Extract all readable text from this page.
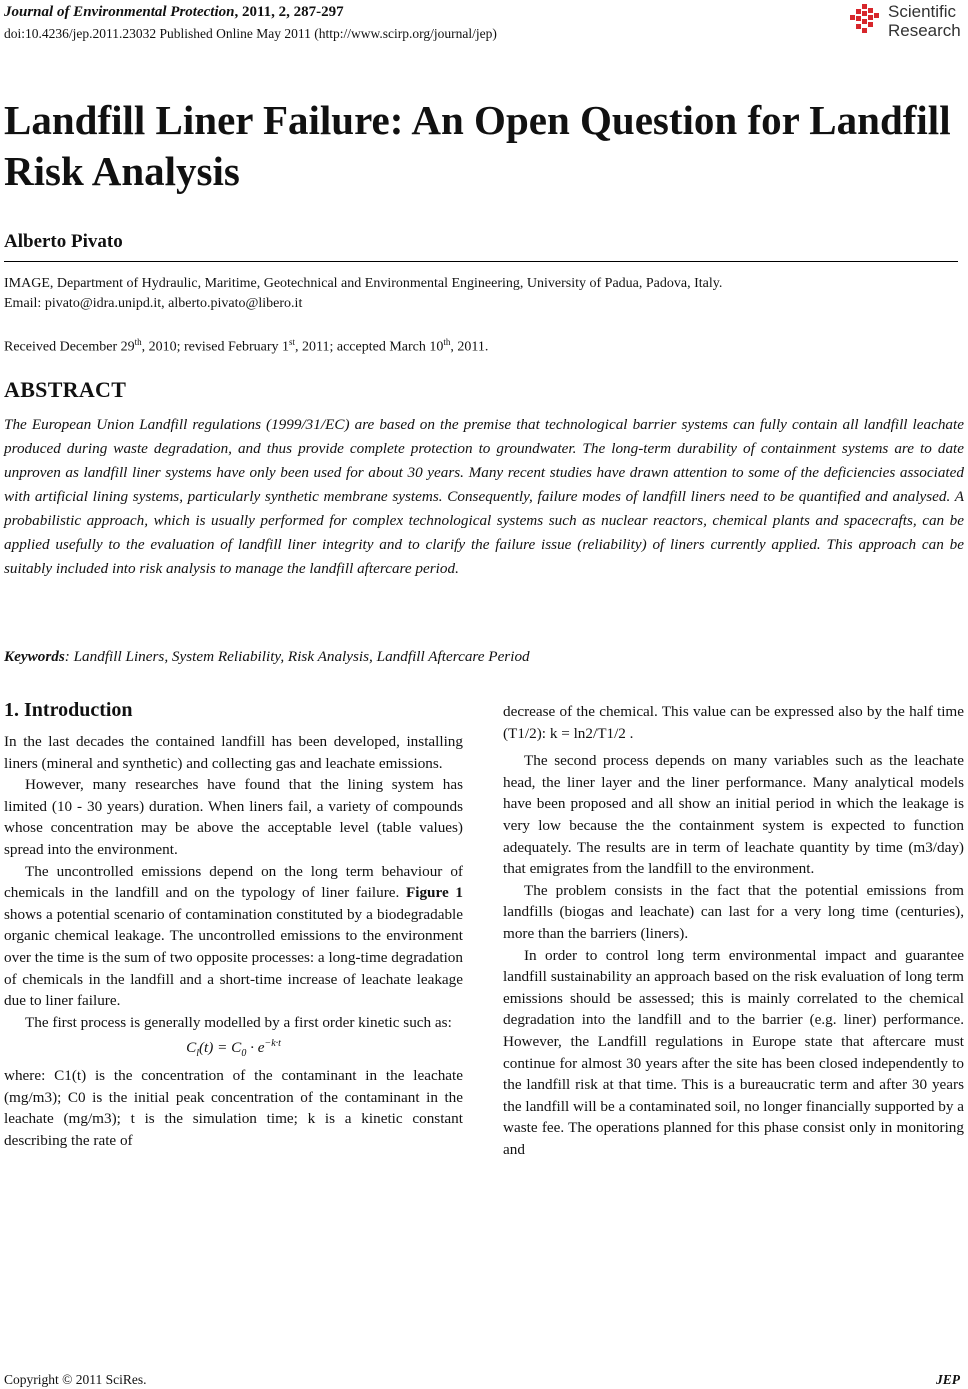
Journal of Environmental Protection, 2011, 2, 287-297
doi:10.4236/jep.2011.23032 Published Online May 2011 (http://www.scirp.org/journal/jep)
Scientific
Research
Landfill Liner Failure: An Open Question for Landfill Risk Analysis
Alberto Pivato
IMAGE, Department of Hydraulic, Maritime, Geotechnical and Environmental Engineering, University of Padua, Padova, Italy.
Email: pivato@idra.unipd.it, alberto.pivato@libero.it
Received December 29th, 2010; revised February 1st, 2011; accepted March 10th, 2011.
ABSTRACT
The European Union Landfill regulations (1999/31/EC) are based on the premise that technological barrier systems can fully contain all landfill leachate produced during waste degradation, and thus provide complete protection to groundwater. The long-term durability of containment systems are to date unproven as landfill liner systems have only been used for about 30 years. Many recent studies have drawn attention to some of the deficiencies associated with artificial lining systems, particularly synthetic membrane systems. Consequently, failure modes of landfill liners need to be quantified and analysed. A probabilistic approach, which is usually performed for complex technological systems such as nuclear reactors, chemical plants and spacecrafts, can be applied usefully to the evaluation of landfill liner integrity and to clarify the failure issue (reliability) of liners currently applied. This approach can be suitably included into risk analysis to manage the landfill aftercare period.
Keywords: Landfill Liners, System Reliability, Risk Analysis, Landfill Aftercare Period

1. Introduction

In the last decades the contained landfill has been developed, installing liners (mineral and synthetic) and collecting gas and leachate emissions.

However, many researches have found that the lining system has limited (10 - 30 years) duration. When liners fail, a variety of compounds whose concentration may be above the acceptable level (table values) spread into the environment.

The uncontrolled emissions depend on the long term behaviour of chemicals in the landfill and on the typology of liner failure. Figure 1 shows a potential scenario of contamination constituted by a biodegradable organic chemical leakage. The uncontrolled emissions to the environment over the time is the sum of two opposite processes: a long-time degradation of chemicals in the landfill and a short-time increase of leachate leakage due to liner failure.

The first process is generally modelled by a first order kinetic such as:

$C_l(t) = C_0 \cdot e^{-k\cdot t}$

where: C1(t) is the concentration of the contaminant in the leachate (mg/m3); C0 is the initial peak concentration of the contaminant in the leachate (mg/m3); t is the simulation time; k is a kinetic constant describing the rate of

decrease of the chemical. This value can be expressed also by the half time (T1/2): k = ln2/T1/2 .

The second process depends on many variables such as the leachate head, the liner layer and the liner performance. Many analytical models have been proposed and all show an initial period in which the leakage is very low because the the containment system is expected to function adequately. The results are in term of leachate quantity by time (m3/day) that emigrates from the landfill to the environment.

The problem consists in the fact that the potential emissions from landfills (biogas and leachate) can last for a very long time (centuries), more than the barriers (liners).

In order to control long term environmental impact and guarantee landfill sustainability an approach based on the risk evaluation of long term emissions should be assessed; this is mainly correlated to the chemical degradation into the landfill and to the barrier (e.g. liner) performance. However, the Landfill regulations in Europe state that aftercare must continue for almost 30 years after the site has been closed independently to the landfill risk at that time. This is a bureaucratic term and after 30 years the landfill will be a contaminated soil, no longer financially supported by a waste fee. The operations planned for this phase consist only in monitoring and

Copyright © 2011 SciRes.	JEP
